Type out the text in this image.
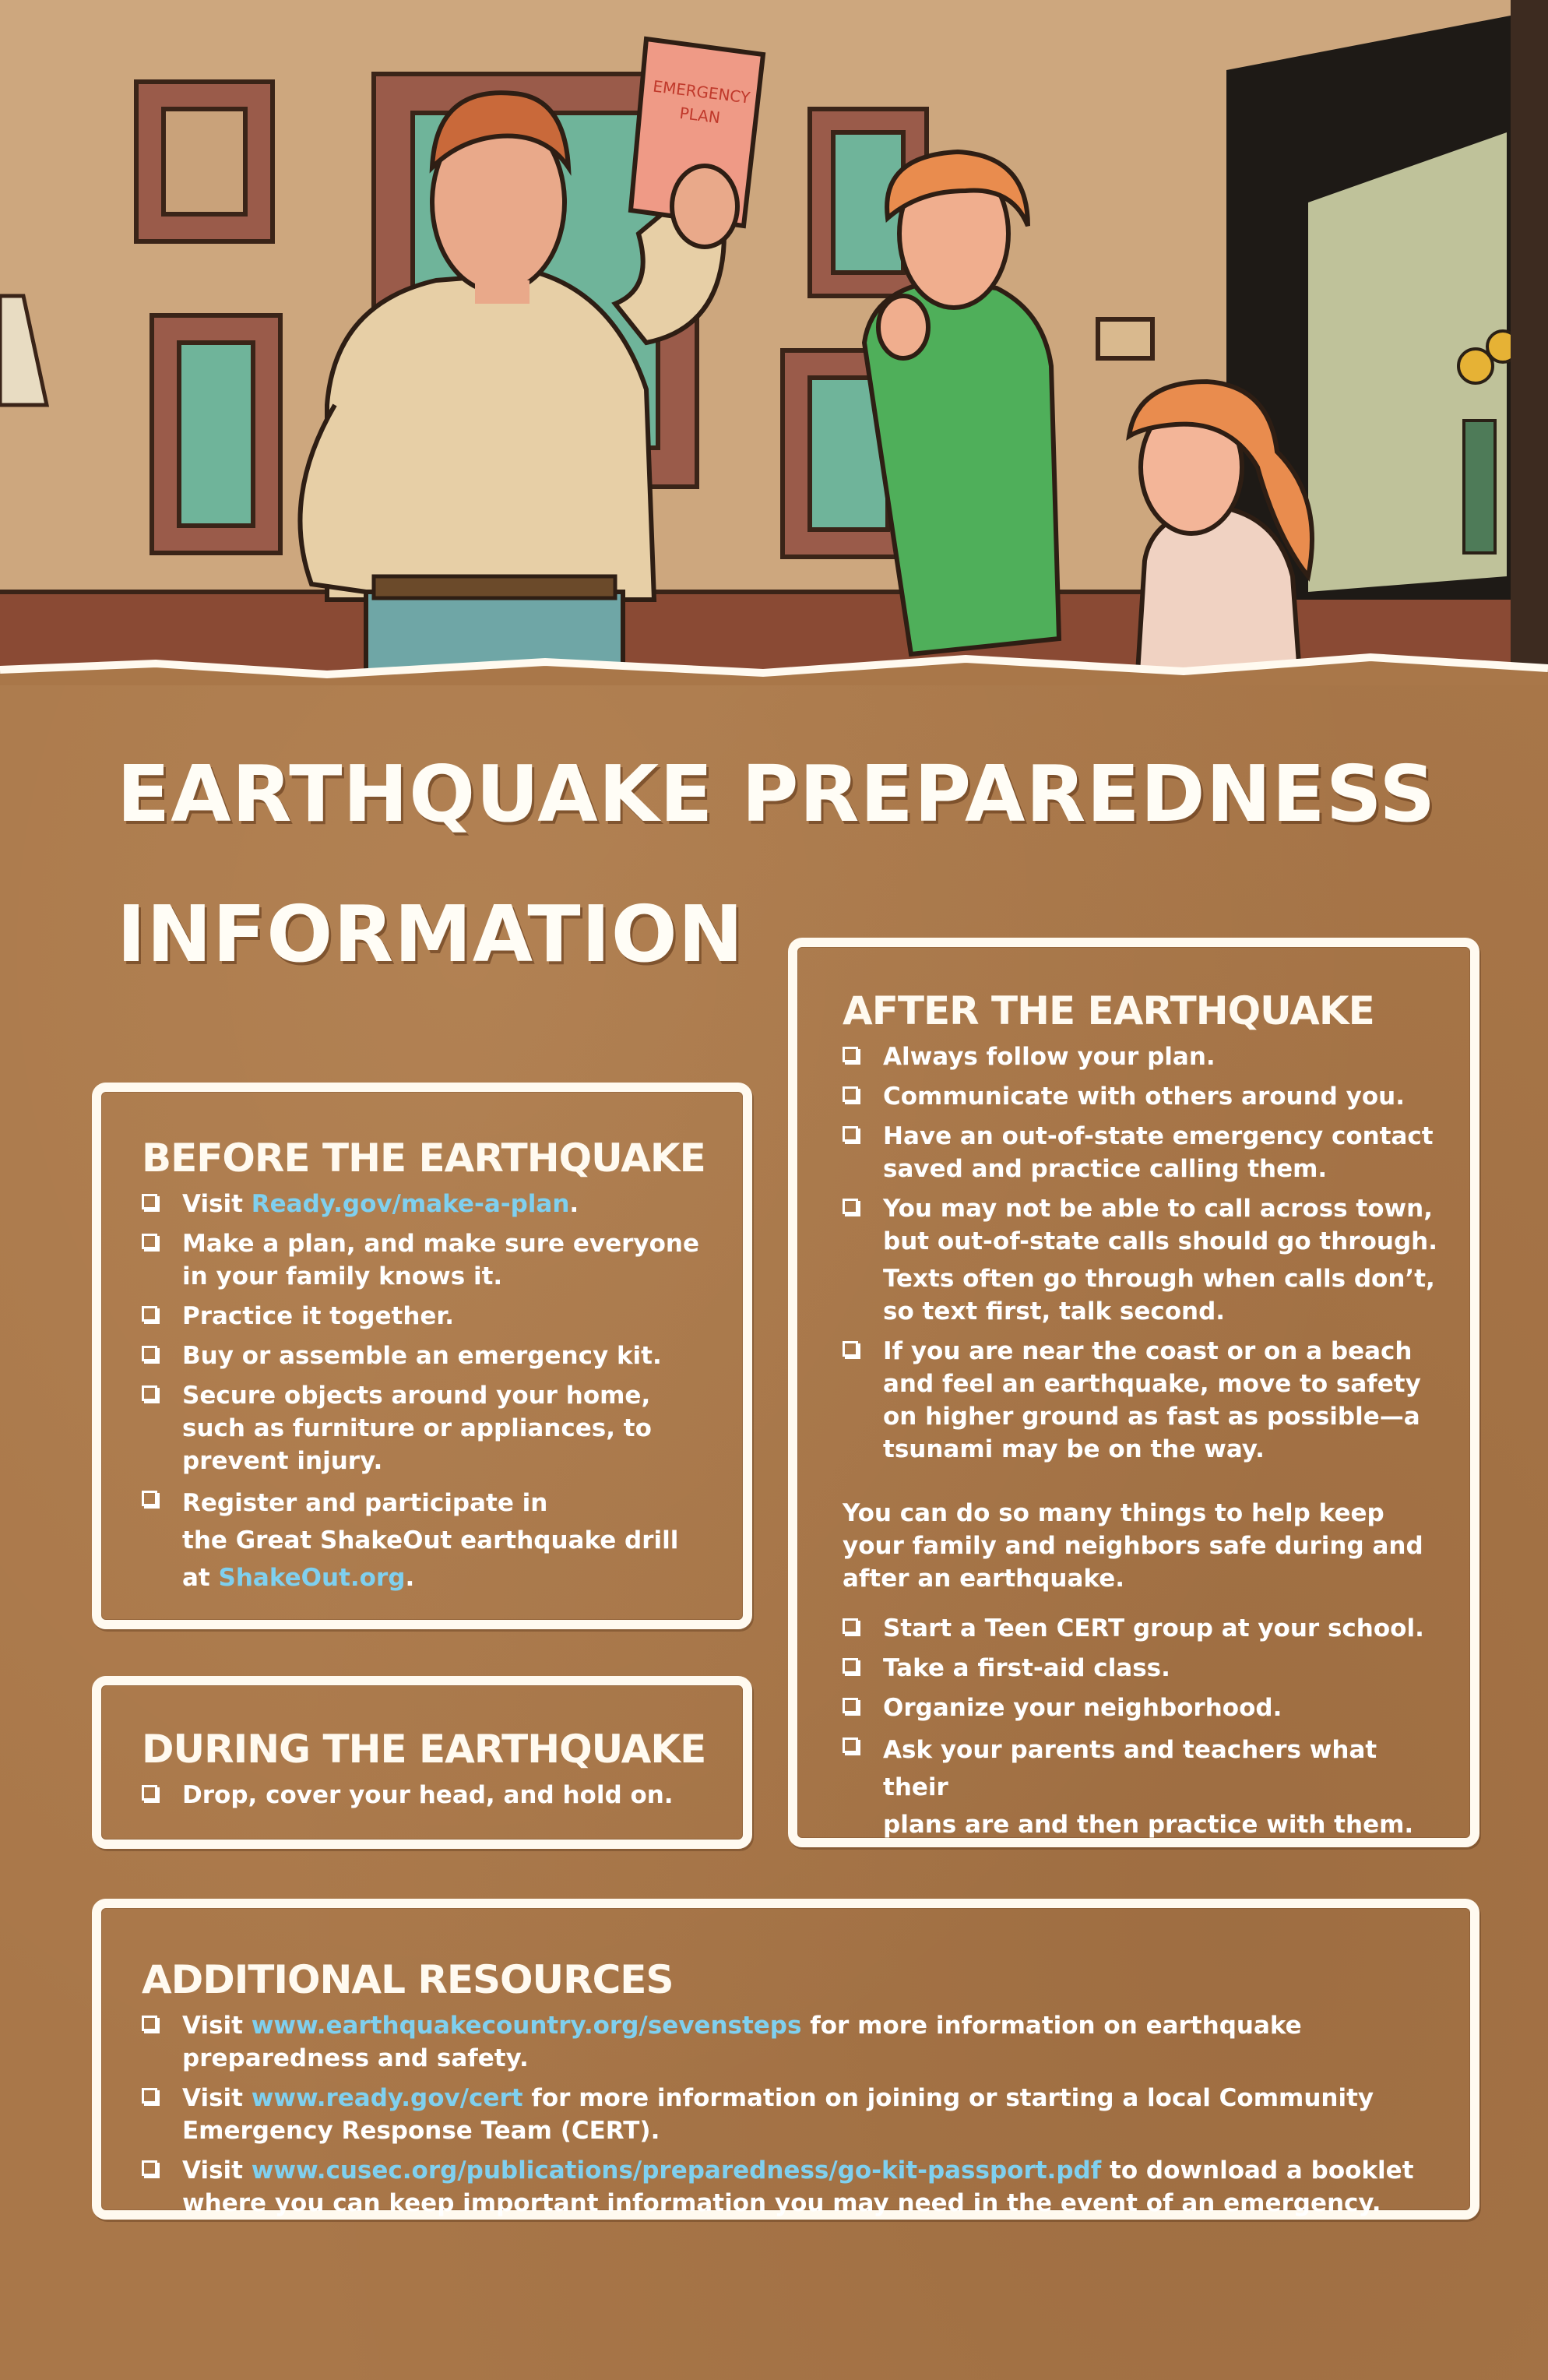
EMERGENCY
PLAN
EARTHQUAKE PREPAREDNESS
INFORMATION
BEFORE THE EARTHQUAKE
Visit Ready.gov/make-a-plan.
Make a plan, and make sure everyone in your family knows it.
Practice it together.
Buy or assemble an emergency kit.
Secure objects around your home, such as furniture or appliances, to prevent injury.
Register and participate in
the Great ShakeOut earthquake drill
at ShakeOut.org.
DURING THE EARTHQUAKE
Drop, cover your head, and hold on.
AFTER THE EARTHQUAKE
Always follow your plan.
Communicate with others around you.
Have an out-of-state emergency contact saved and practice calling them.
You may not be able to call across town, but out-of-state calls should go through.
Texts often go through when calls don’t, so text first, talk second.
If you are near the coast or on a beach and feel an earthquake, move to safety on higher ground as fast as possible—a tsunami may be on the way.

You can do so many things to help keep your family and neighbors safe during and after an earthquake.

Start a Teen CERT group at your school.
Take a first-aid class.
Organize your neighborhood.
Ask your parents and teachers what their
plans are and then practice with them.
ADDITIONAL RESOURCES
Visit www.earthquakecountry.org/sevensteps for more information on earthquake preparedness and safety.
Visit www.ready.gov/cert for more information on joining or starting a local Community Emergency Response Team (CERT).
Visit www.cusec.org/publications/preparedness/go-kit-passport.pdf to download a booklet where you can keep important information you may need in the event of an emergency.
